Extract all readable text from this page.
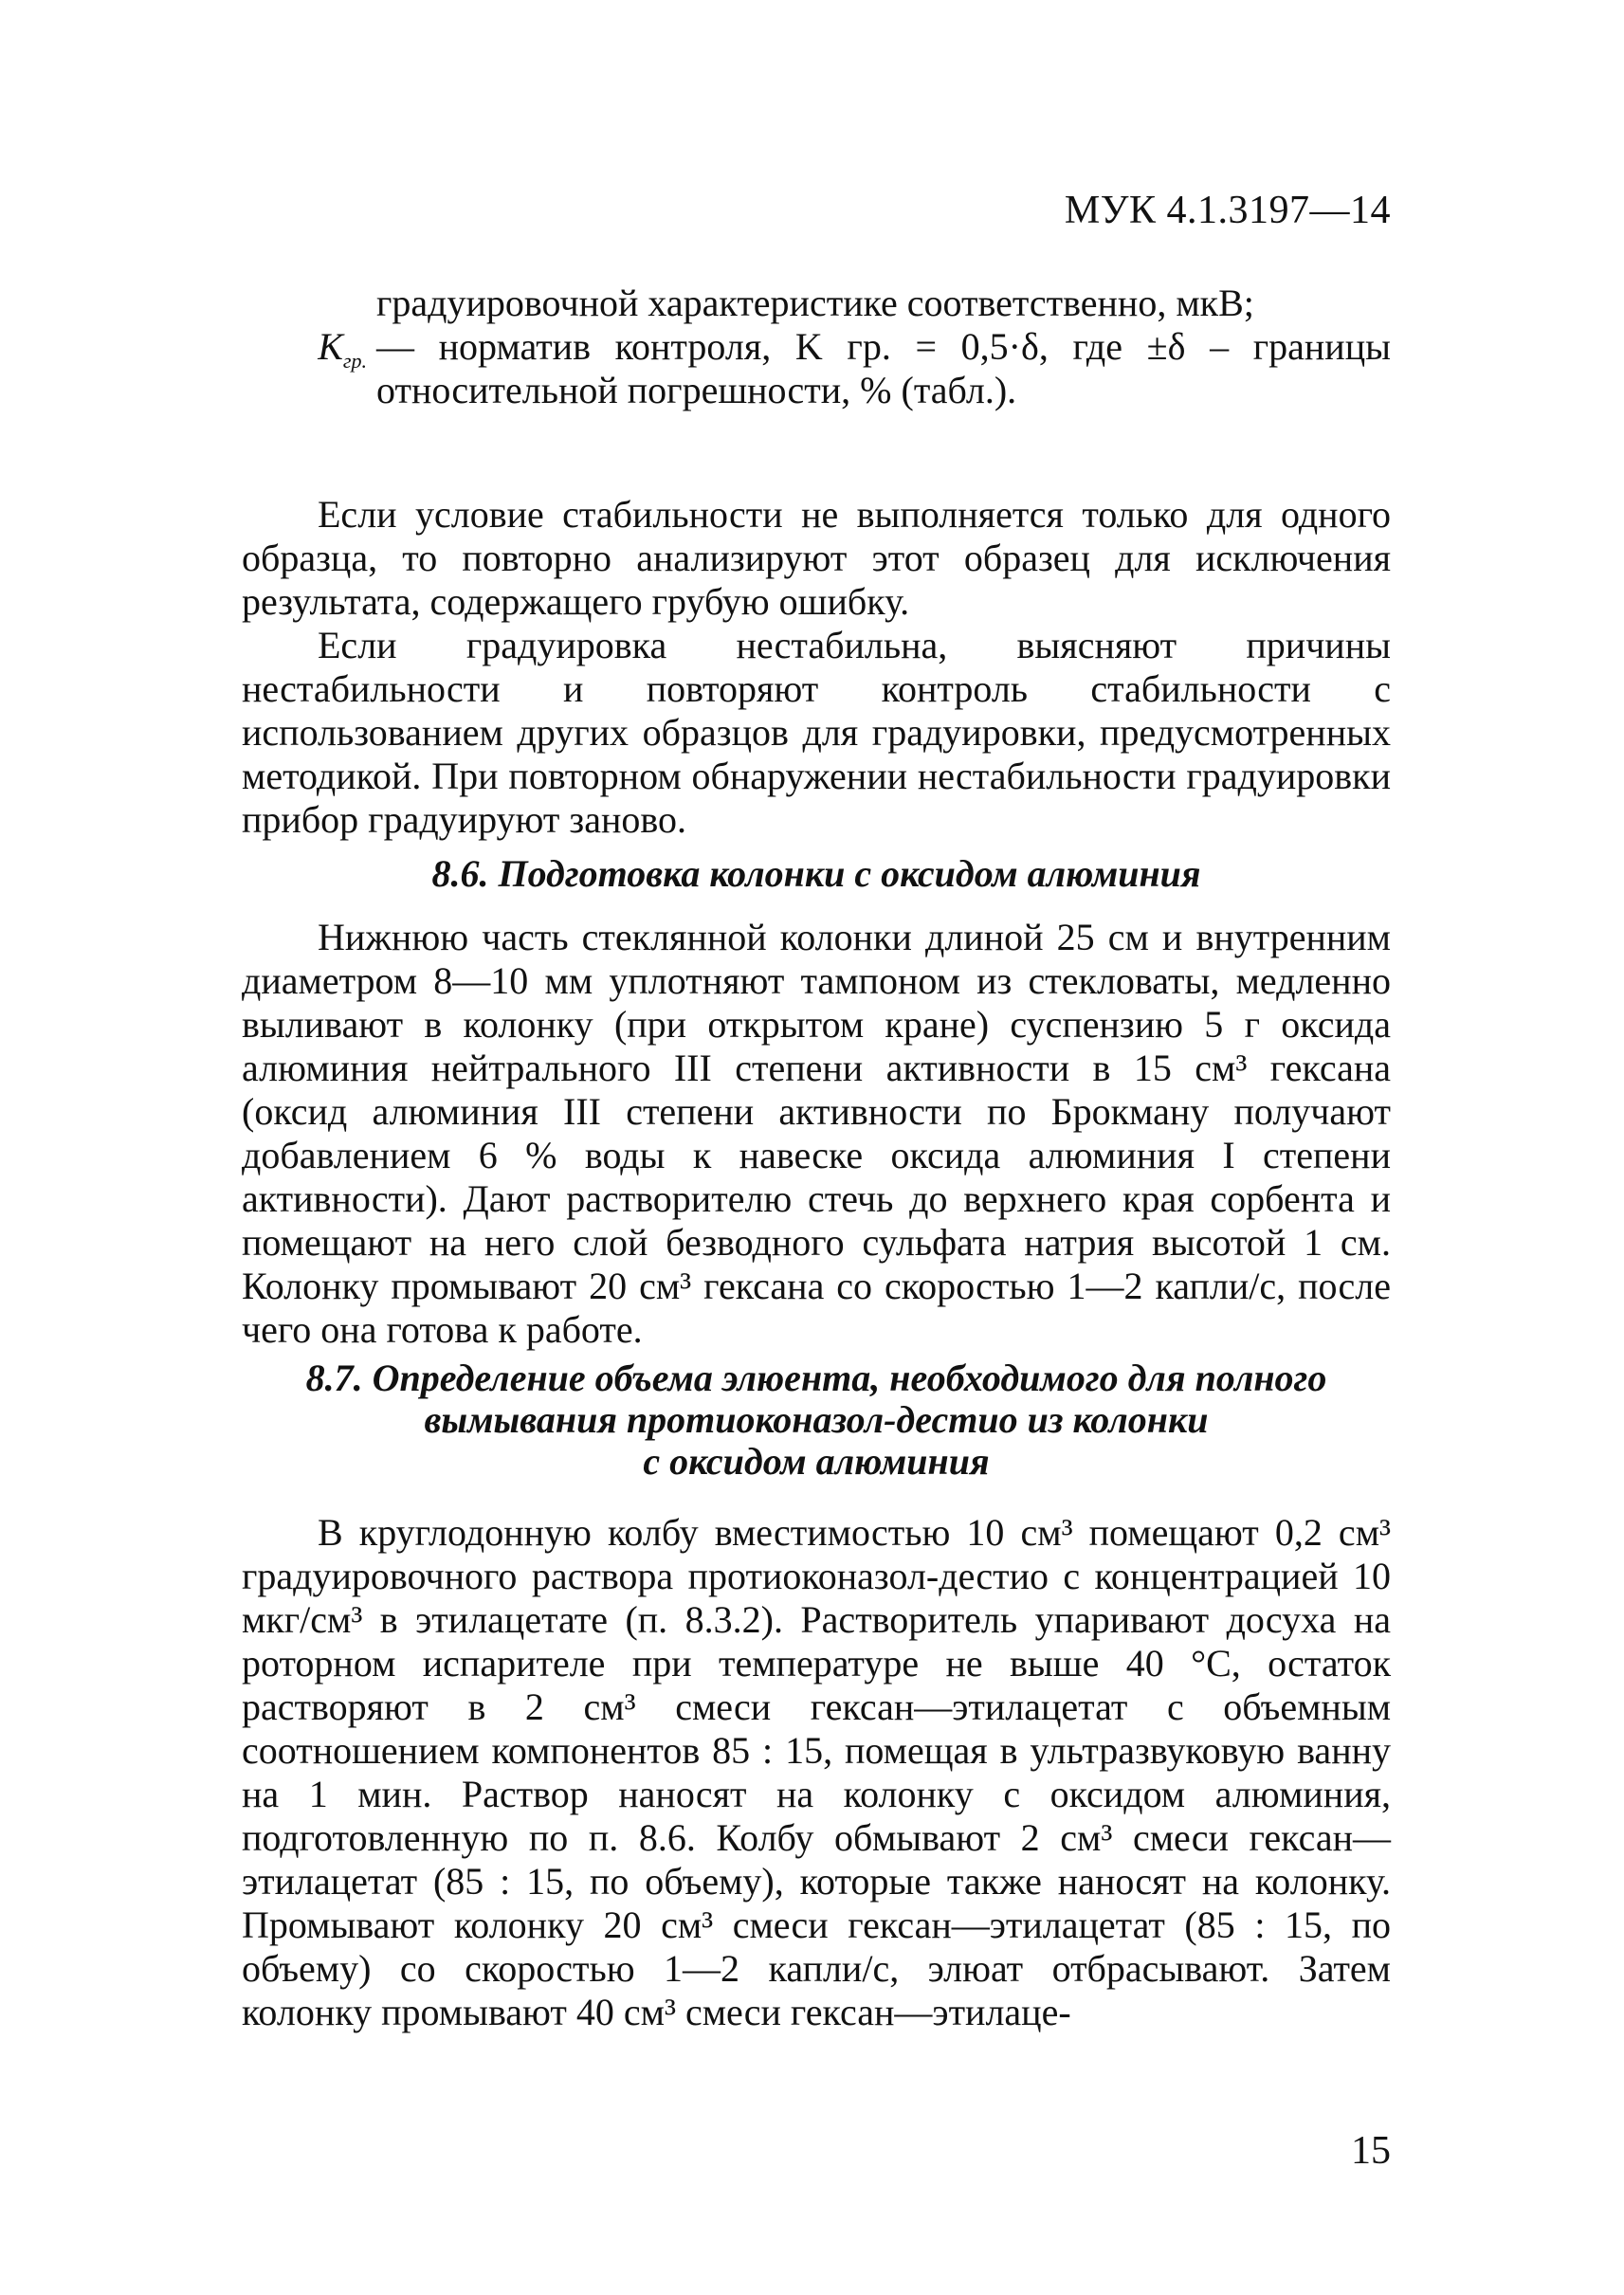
МУК 4.1.3197—14
градуировочной характеристике соответственно, мкВ;
$K_{гр.}$ — норматив контроля, K гр. = 0,5·δ, где ±δ – границы относительной погрешности, % (табл.).

Если условие стабильности не выполняется только для одного образца, то повторно анализируют этот образец для исключения результата, содержащего грубую ошибку.

Если градуировка нестабильна, выясняют причины нестабильности и повторяют контроль стабильности с использованием других образцов для градуировки, предусмотренных методикой. При повторном обнаружении нестабильности градуировки прибор градуируют заново.

8.6. Подготовка колонки с оксидом алюминия

Нижнюю часть стеклянной колонки длиной 25 см и внутренним диаметром 8—10 мм уплотняют тампоном из стекловаты, медленно выливают в колонку (при открытом кране) суспензию 5 г оксида алюминия нейтрального III степени активности в 15 см³ гексана (оксид алюминия III степени активности по Брокману получают добавлением 6 % воды к навеске оксида алюминия I степени активности). Дают растворителю стечь до верхнего края сорбента и помещают на него слой безводного сульфата натрия высотой 1 см. Колонку промывают 20 см³ гексана со скоростью 1—2 капли/с, после чего она готова к работе.

8.7. Определение объема элюента, необходимого для полного
вымывания протиоконазол-дестио из колонки
с оксидом алюминия

В круглодонную колбу вместимостью 10 см³ помещают 0,2 см³ градуировочного раствора протиоконазол-дестио с концентрацией 10 мкг/см³ в этилацетате (п. 8.3.2). Растворитель упаривают досуха на роторном испарителе при температуре не выше 40 °С, остаток растворяют в 2 см³ смеси гексан—этилацетат с объемным соотношением компонентов 85 : 15, помещая в ультразвуковую ванну на 1 мин. Раствор наносят на колонку с оксидом алюминия, подготовленную по п. 8.6. Колбу обмывают 2 см³ смеси гексан—этилацетат (85 : 15, по объему), которые также наносят на колонку. Промывают колонку 20 см³ смеси гексан—этилацетат (85 : 15, по объему) со скоростью 1—2 капли/с, элюат отбрасывают. Затем колонку промывают 40 см³ смеси гексан—этилаце-

15
